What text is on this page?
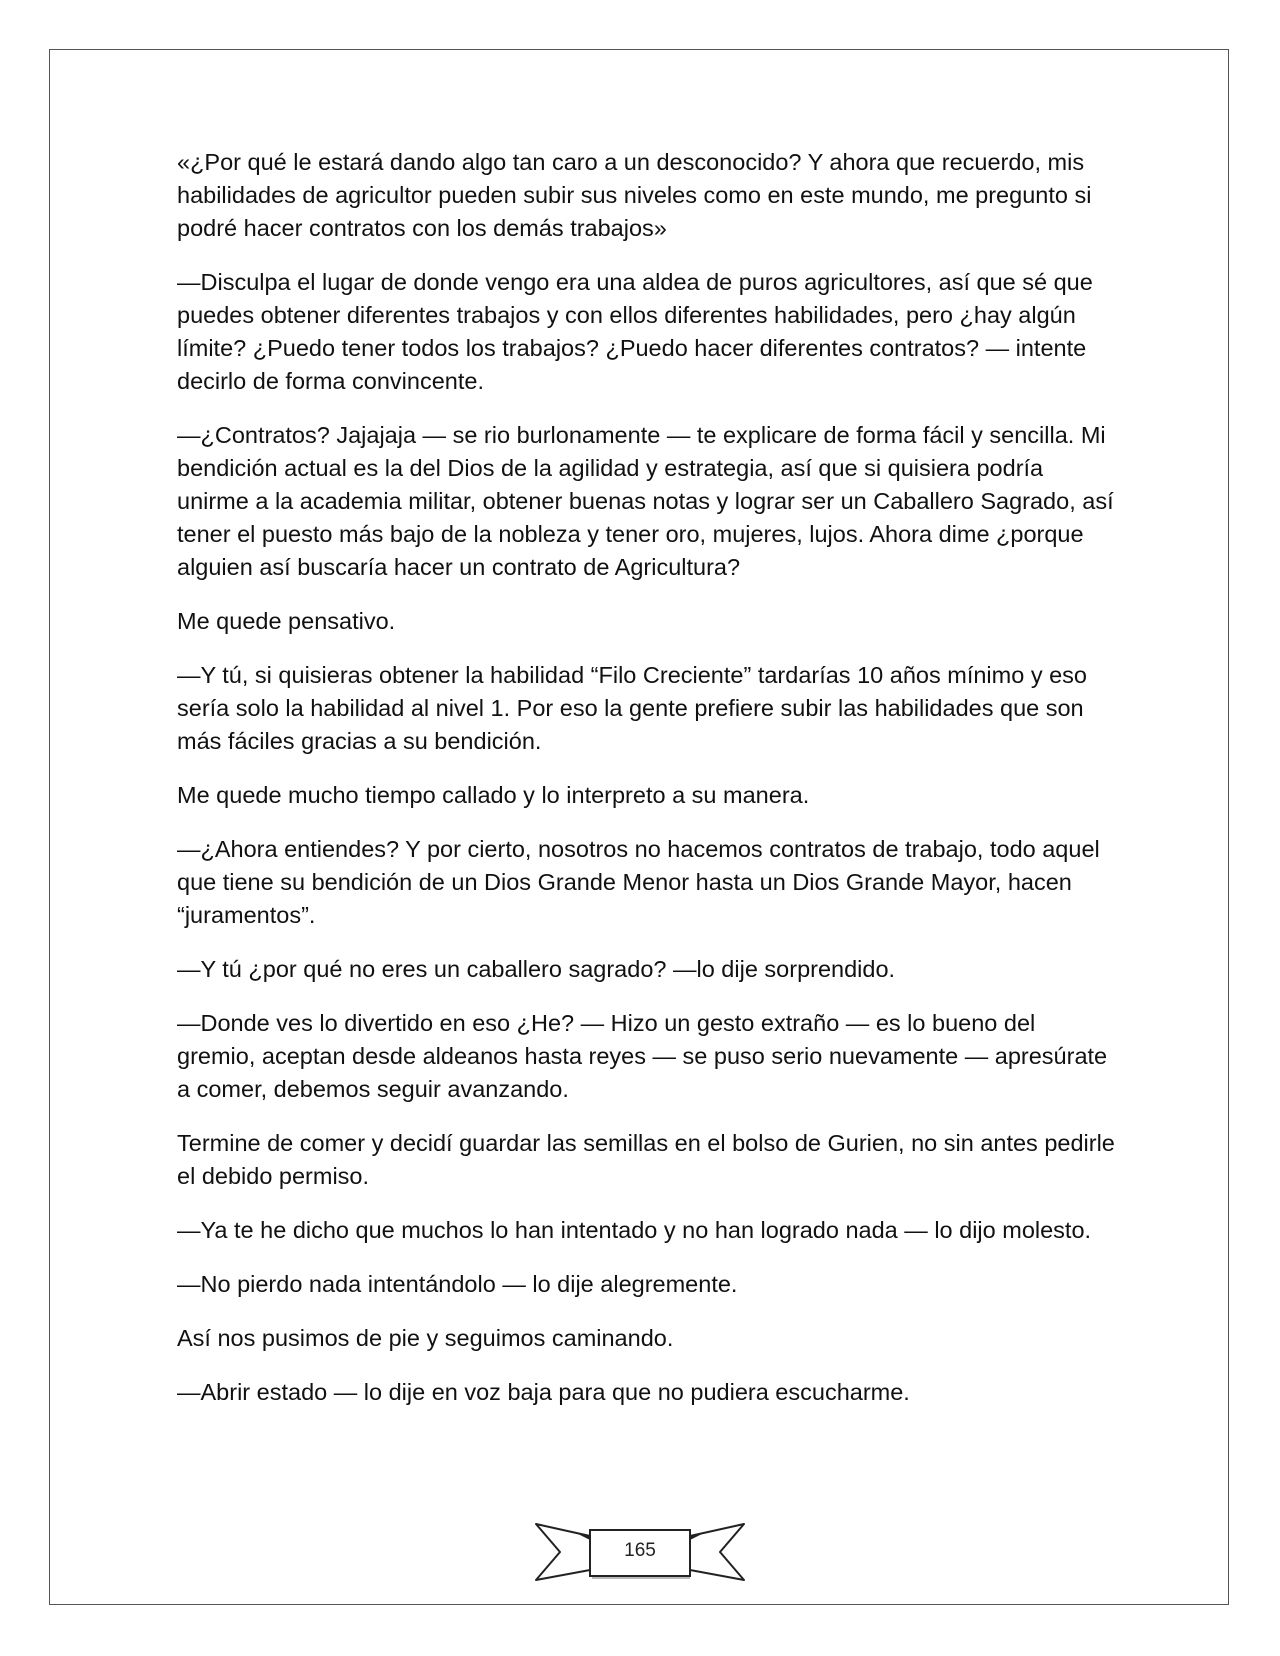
«¿Por qué le estará dando algo tan caro a un desconocido? Y ahora que recuerdo, mis habilidades de agricultor pueden subir sus niveles como en este mundo, me pregunto si podré hacer contratos con los demás trabajos»

—Disculpa el lugar de donde vengo era una aldea de puros agricultores, así que sé que puedes obtener diferentes trabajos y con ellos diferentes habilidades, pero ¿hay algún límite? ¿Puedo tener todos los trabajos? ¿Puedo hacer diferentes contratos? — intente decirlo de forma convincente.

—¿Contratos? Jajajaja — se rio burlonamente — te explicare de forma fácil y sencilla. Mi bendición actual es la del Dios de la agilidad y estrategia, así que si quisiera podría unirme a la academia militar, obtener buenas notas y lograr ser un Caballero Sagrado, así tener el puesto más bajo de la nobleza y tener oro, mujeres, lujos. Ahora dime ¿porque alguien así buscaría hacer un contrato de Agricultura?

Me quede pensativo.

—Y tú, si quisieras obtener la habilidad “Filo Creciente” tardarías 10 años mínimo y eso sería solo la habilidad al nivel 1. Por eso la gente prefiere subir las habilidades que son más fáciles gracias a su bendición.

Me quede mucho tiempo callado y lo interpreto a su manera.

—¿Ahora entiendes? Y por cierto, nosotros no hacemos contratos de trabajo, todo aquel que tiene su bendición de un Dios Grande Menor hasta un Dios Grande Mayor, hacen “juramentos”.

—Y tú ¿por qué no eres un caballero sagrado? —lo dije sorprendido.

—Donde ves lo divertido en eso ¿He? — Hizo un gesto extraño — es lo bueno del gremio, aceptan desde aldeanos hasta reyes — se puso serio nuevamente — apresúrate a comer, debemos seguir avanzando.

Termine de comer y decidí guardar las semillas en el bolso de Gurien, no sin antes pedirle el debido permiso.

—Ya te he dicho que muchos lo han intentado y no han logrado nada — lo dijo molesto.

—No pierdo nada intentándolo — lo dije alegremente.

Así nos pusimos de pie y seguimos caminando.

—Abrir estado — lo dije en voz baja para que no pudiera escucharme.

165
